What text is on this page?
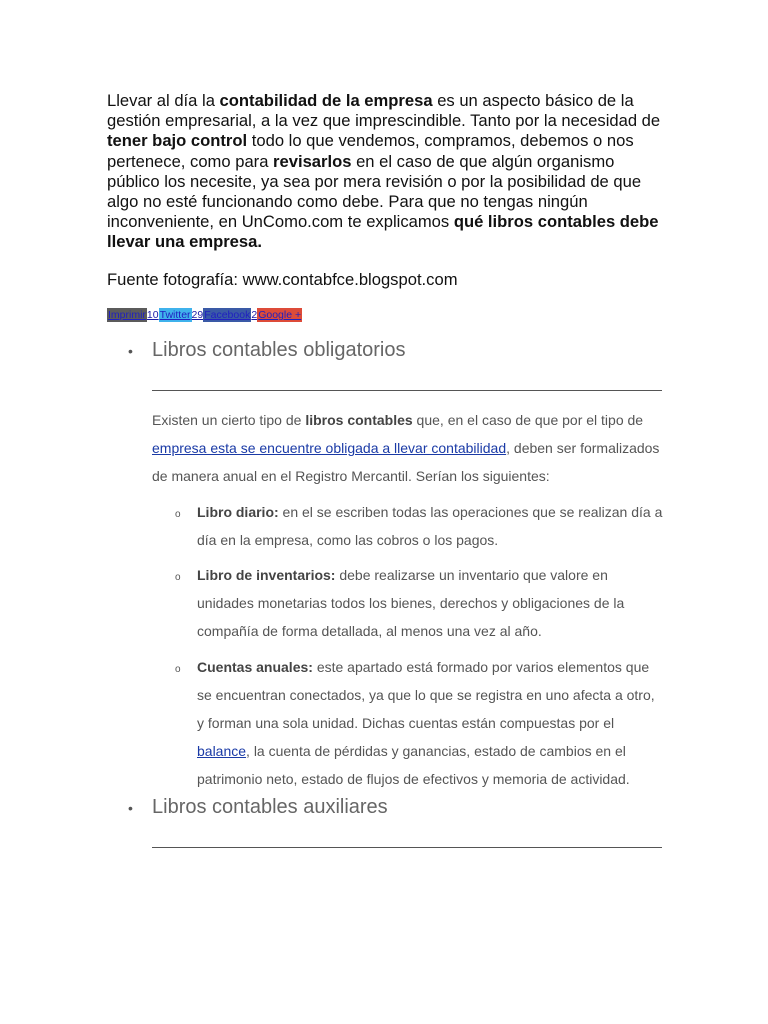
Llevar al día la contabilidad de la empresa es un aspecto básico de la gestión empresarial, a la vez que imprescindible. Tanto por la necesidad de tener bajo control todo lo que vendemos, compramos, debemos o nos pertenece, como para revisarlos en el caso de que algún organismo público los necesite, ya sea por mera revisión o por la posibilidad de que algo no esté funcionando como debe. Para que no tengas ningún inconveniente, en UnComo.com te explicamos qué libros contables debe llevar una empresa.

Fuente fotografía: www.contabfce.blogspot.com

Imprimir 10 Twitter 29 Facebook 2 Google +
• Libros contables obligatorios

Existen un cierto tipo de libros contables que, en el caso de que por el tipo de empresa esta se encuentre obligada a llevar contabilidad, deben ser formalizados de manera anual en el Registro Mercantil. Serían los siguientes:

o Libro diario: en el se escriben todas las operaciones que se realizan día a día en la empresa, como las cobros o los pagos.

o Libro de inventarios: debe realizarse un inventario que valore en unidades monetarias todos los bienes, derechos y obligaciones de la compañía de forma detallada, al menos una vez al año.

o Cuentas anuales: este apartado está formado por varios elementos que se encuentran conectados, ya que lo que se registra en uno afecta a otro, y forman una sola unidad. Dichas cuentas están compuestas por el balance, la cuenta de pérdidas y ganancias, estado de cambios en el patrimonio neto, estado de flujos de efectivos y memoria de actividad.

• Libros contables auxiliares
